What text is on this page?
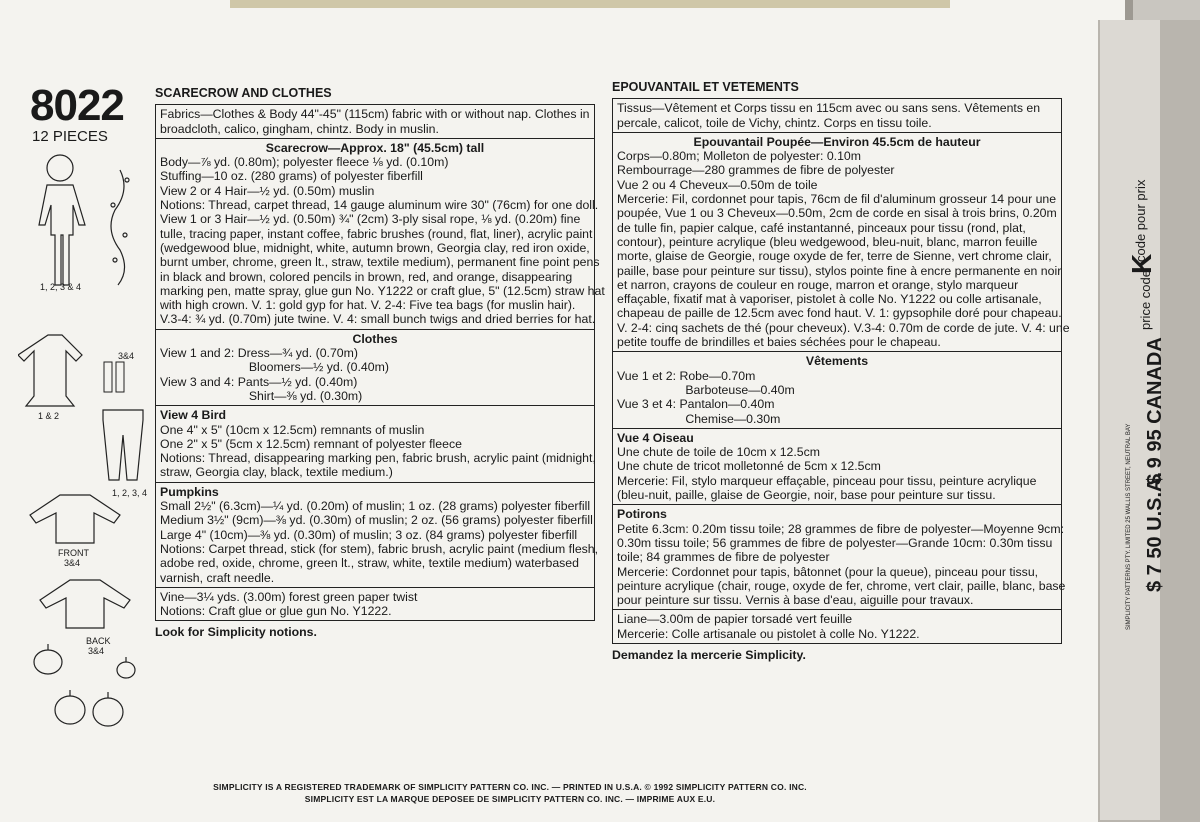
8022
12 PIECES
1, 2, 3 & 4
1 & 2
3&4
1, 2, 3, 4
FRONT
3&4
BACK
3&4
SCARECROW AND CLOTHES
Fabrics—Clothes & Body 44"-45" (115cm) fabric with or without nap. Clothes in
broadcloth, calico, gingham, chintz. Body in muslin.
Scarecrow—Approx. 18" (45.5cm) tall
Body—⅞ yd. (0.80m); polyester fleece ⅛ yd. (0.10m)
Stuffing—10 oz. (280 grams) of polyester fiberfill
View 2 or 4 Hair—½ yd. (0.50m) muslin
Notions: Thread, carpet thread, 14 gauge aluminum wire 30" (76cm) for one doll.
View 1 or 3 Hair—½ yd. (0.50m) ¾" (2cm) 3-ply sisal rope, ⅛ yd. (0.20m) fine
tulle, tracing paper, instant coffee, fabric brushes (round, flat, liner), acrylic paint
(wedgewood blue, midnight, white, autumn brown, Georgia clay, red iron oxide,
burnt umber, chrome, green lt., straw, textile medium), permanent fine point pens
in black and brown, colored pencils in brown, red, and orange, disappearing
marking pen, matte spray, glue gun No. Y1222 or craft glue, 5" (12.5cm) straw hat
with high crown. V. 1: gold gyp for hat. V. 2-4: Five tea bags (for muslin hair).
V.3-4: ¾ yd. (0.70m) jute twine. V. 4: small bunch twigs and dried berries for hat.
Clothes
View 1 and 2: Dress—¾ yd. (0.70m)
Bloomers—½ yd. (0.40m)
View 3 and 4: Pants—½ yd. (0.40m)
Shirt—⅜ yd. (0.30m)
View 4 Bird
One 4" x 5" (10cm x 12.5cm) remnants of muslin
One 2" x 5" (5cm x 12.5cm) remnant of polyester fleece
Notions: Thread, disappearing marking pen, fabric brush, acrylic paint (midnight,
straw, Georgia clay, black, textile medium.)
Pumpkins
Small 2½" (6.3cm)—¼ yd. (0.20m) of muslin; 1 oz. (28 grams) polyester fiberfill
Medium 3½" (9cm)—⅜ yd. (0.30m) of muslin; 2 oz. (56 grams) polyester fiberfill
Large 4" (10cm)—⅜ yd. (0.30m) of muslin; 3 oz. (84 grams) polyester fiberfill
Notions: Carpet thread, stick (for stem), fabric brush, acrylic paint (medium flesh,
adobe red, oxide, chrome, green lt., straw, white, textile medium) waterbased
varnish, craft needle.
Vine—3¼ yds. (3.00m) forest green paper twist
Notions: Craft glue or glue gun No. Y1222.
Look for Simplicity notions.
EPOUVANTAIL ET VETEMENTS
Tissus—Vêtement et Corps tissu en 115cm avec ou sans sens. Vêtements en
percale, calicot, toile de Vichy, chintz. Corps en tissu toile.
Epouvantail Poupée—Environ 45.5cm de hauteur
Corps—0.80m; Molleton de polyester: 0.10m
Rembourrage—280 grammes de fibre de polyester
Vue 2 ou 4 Cheveux—0.50m de toile
Mercerie: Fil, cordonnet pour tapis, 76cm de fil d'aluminum grosseur 14 pour une
poupée, Vue 1 ou 3 Cheveux—0.50m, 2cm de corde en sisal à trois brins, 0.20m
de tulle fin, papier calque, café instantanné, pinceaux pour tissu (rond, plat,
contour), peinture acrylique (bleu wedgewood, bleu-nuit, blanc, marron feuille
morte, glaise de Georgie, rouge oxyde de fer, terre de Sienne, vert chrome clair,
paille, base pour peinture sur tissu), stylos pointe fine à encre permanente en noir
et narron, crayons de couleur en rouge, marron et orange, stylo marqueur
effaçable, fixatif mat à vaporiser, pistolet à colle No. Y1222 ou colle artisanale,
chapeau de paille de 12.5cm avec fond haut. V. 1: gypsophile doré pour chapeau.
V. 2-4: cinq sachets de thé (pour cheveux). V.3-4: 0.70m de corde de jute. V. 4: une
petite touffe de brindilles et baies séchées pour le chapeau.
Vêtements
Vue 1 et 2: Robe—0.70m
Barboteuse—0.40m
Vue 3 et 4: Pantalon—0.40m
Chemise—0.30m
Vue 4 Oiseau
Une chute de toile de 10cm x 12.5cm
Une chute de tricot molletonné de 5cm x 12.5cm
Mercerie: Fil, stylo marqueur effaçable, pinceau pour tissu, peinture acrylique
(bleu-nuit, paille, glaise de Georgie, noir, base pour peinture sur tissu.
Potirons
Petite 6.3cm: 0.20m tissu toile; 28 grammes de fibre de polyester—Moyenne 9cm:
0.30m tissu toile; 56 grammes de fibre de polyester—Grande 10cm: 0.30m tissu
toile; 84 grammes de fibre de polyester
Mercerie: Cordonnet pour tapis, bâtonnet (pour la queue), pinceau pour tissu,
peinture acrylique (chair, rouge, oxyde de fer, chrome, vert clair, paille, blanc, base
pour peinture sur tissu. Vernis à base d'eau, aiguille pour travaux.
Liane—3.00m de papier torsadé vert feuille
Mercerie: Colle artisanale ou pistolet à colle No. Y1222.
Demandez la mercerie Simplicity.
code pour prix
price code
K
$ 9 95 CANADA
$ 7 50 U.S.A.
SIMPLICITY PATTERNS PTY. LIMITED 25 WALLIS STREET, NEUTRAL BAY
SIMPLICITY IS A REGISTERED TRADEMARK OF SIMPLICITY PATTERN CO. INC. — PRINTED IN U.S.A. © 1992 SIMPLICITY PATTERN CO. INC.
SIMPLICITY EST LA MARQUE DEPOSEE DE SIMPLICITY PATTERN CO. INC. — IMPRIME AUX E.U.
